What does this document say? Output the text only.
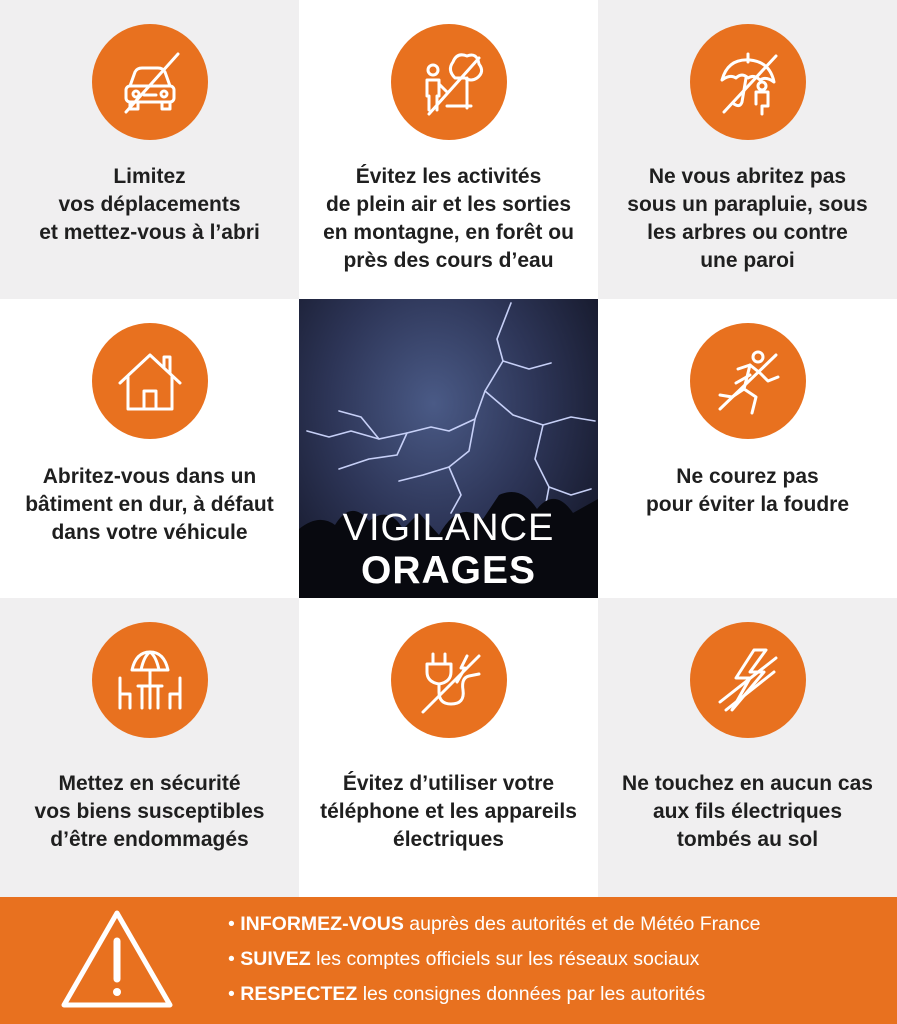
Limitez
vos déplacements
et mettez-vous à l’abri
Évitez les activités
de plein air et les sorties
en montagne, en forêt ou
près des cours d’eau
Ne vous abritez pas
sous un parapluie, sous
les arbres ou contre
une paroi
Abritez-vous dans un
bâtiment en dur, à défaut
dans votre véhicule	VIGILANCE
ORAGES
Ne courez pas
pour éviter la foudre
Mettez en sécurité
vos biens susceptibles
d’être endommagés
Évitez d’utiliser votre
téléphone et les appareils
électriques
Ne touchez en aucun cas
aux fils électriques
tombés au sol
• INFORMEZ-VOUS auprès des autorités et de Météo France
• SUIVEZ les comptes officiels sur les réseaux sociaux
• RESPECTEZ les consignes données par les autorités
